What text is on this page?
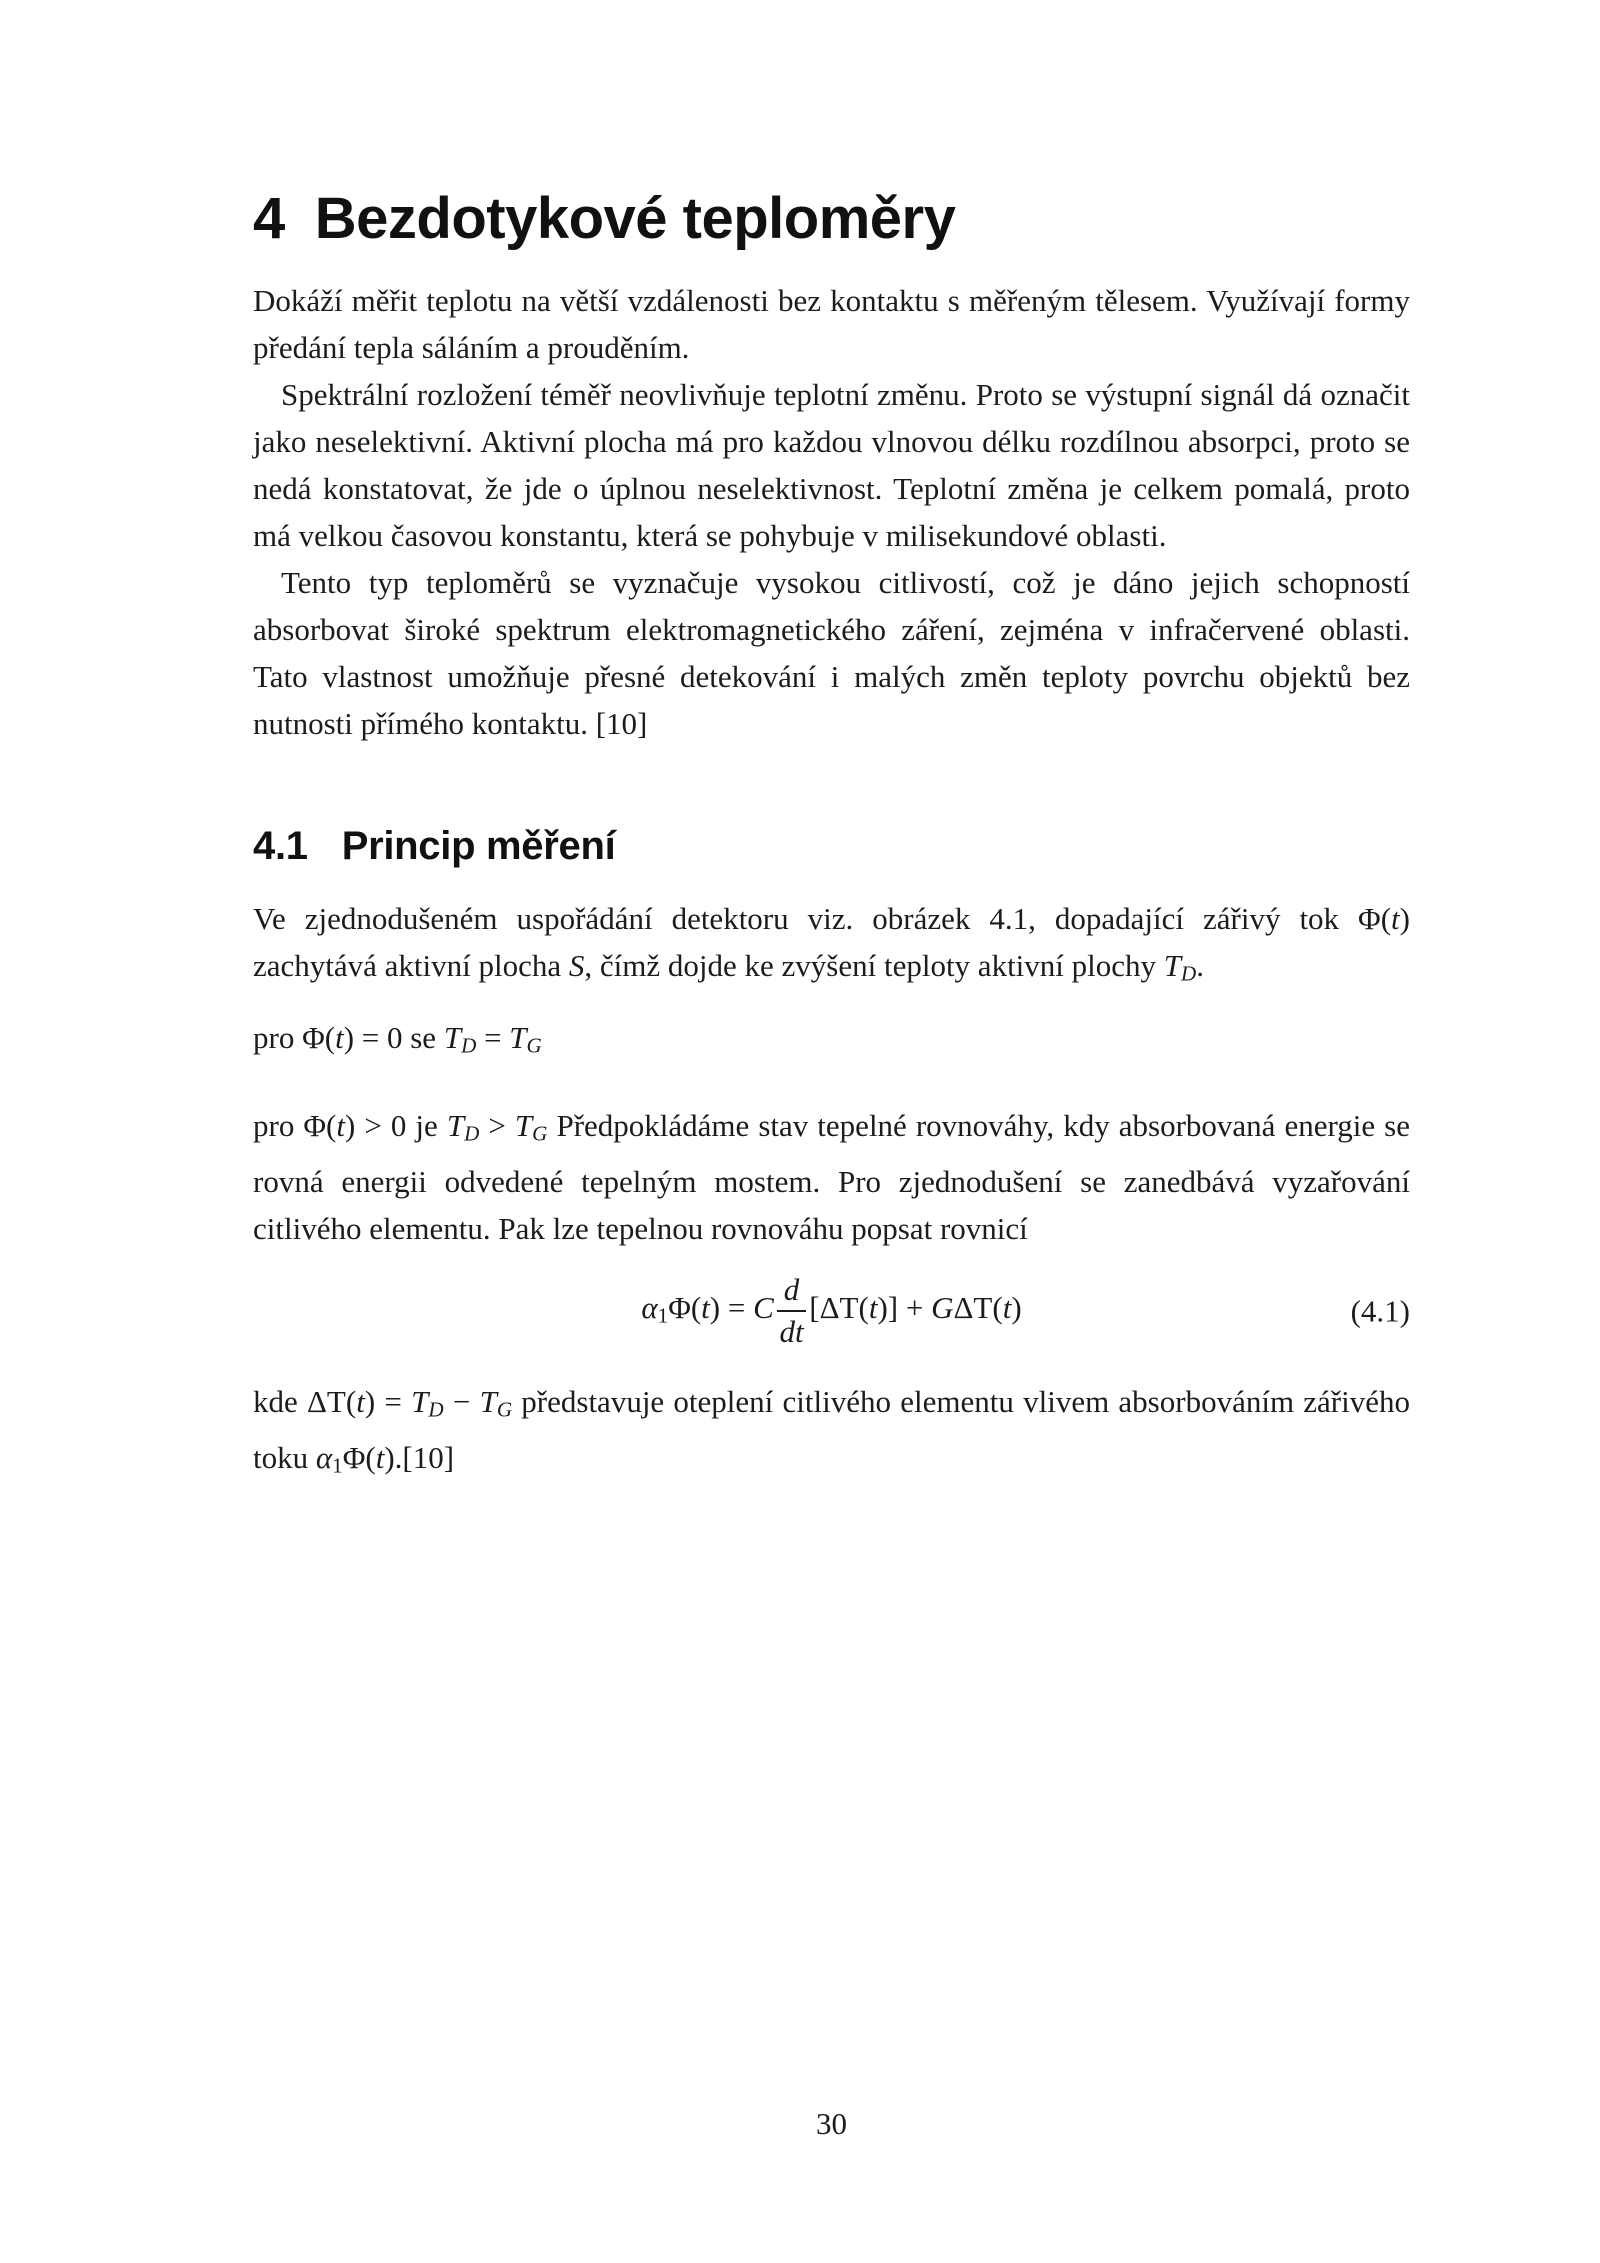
4 Bezdotykové teploměry

Dokáží měřit teplotu na větší vzdálenosti bez kontaktu s měřeným tělesem. Využívají formy předání tepla sáláním a prouděním.

Spektrální rozložení téměř neovlivňuje teplotní změnu. Proto se výstupní signál dá označit jako neselektivní. Aktivní plocha má pro každou vlnovou délku rozdílnou absorpci, proto se nedá konstatovat, že jde o úplnou neselektivnost. Teplotní změna je celkem pomalá, proto má velkou časovou konstantu, která se pohybuje v milisekundové oblasti.

Tento typ teploměrů se vyznačuje vysokou citlivostí, což je dáno jejich schopností absorbovat široké spektrum elektromagnetického záření, zejména v infračervené oblasti. Tato vlastnost umožňuje přesné detekování i malých změn teploty povrchu objektů bez nutnosti přímého kontaktu. [10]

4.1 Princip měření

Ve zjednodušeném uspořádání detektoru viz. obrázek 4.1, dopadající zářivý tok Φ(t) zachytává aktivní plocha S, čímž dojde ke zvýšení teploty aktivní plochy TD.

pro Φ(t) = 0 se TD = TG

pro Φ(t) > 0 je TD > TG Předpokládáme stav tepelné rovnováhy, kdy absorbovaná energie se rovná energii odvedené tepelným mostem. Pro zjednodušení se zanedbává vyzařování citlivého elementu. Pak lze tepelnou rovnováhu popsat rovnicí

α1Φ(t) = C $\frac{d}{dt} [\Delta T(t)] + G\Delta T(t)$	(4.1)

kde ΔT(t) = TD − TG představuje oteplení citlivého elementu vlivem absorbováním zářivého toku α1Φ(t).[10]

30
